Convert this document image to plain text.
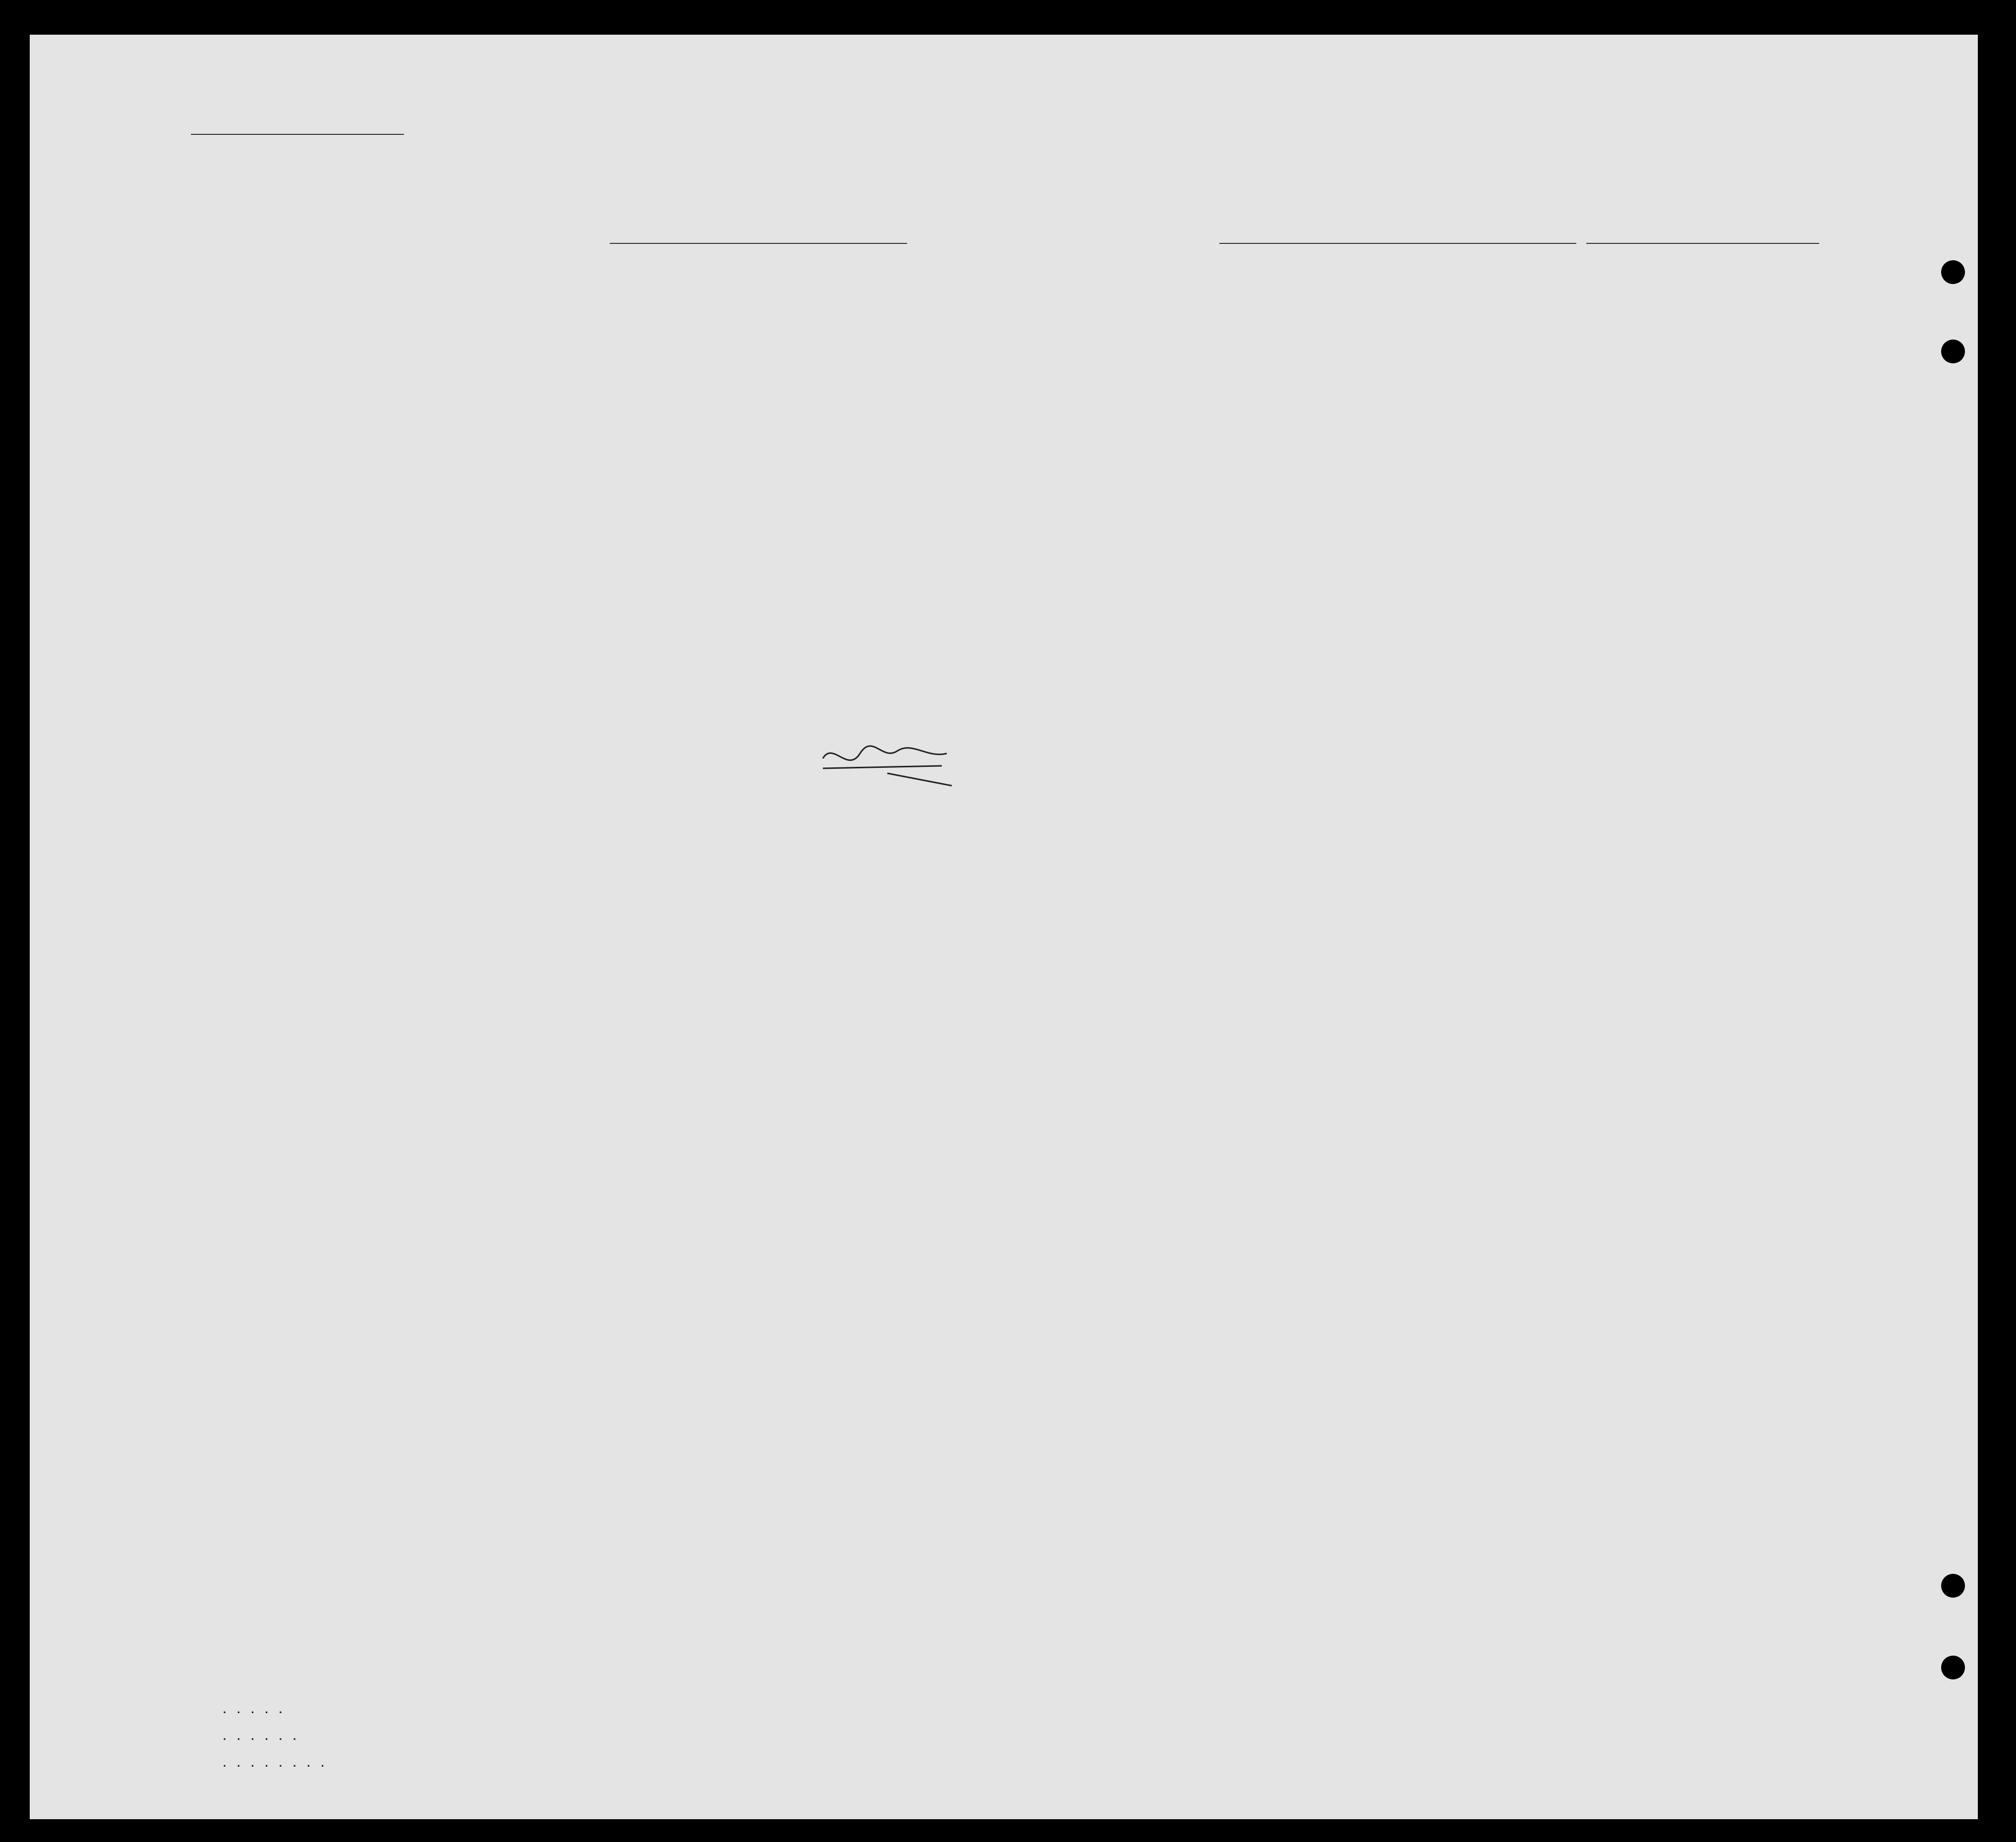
. . . . .
. . . . . .
. . . . . . . .
